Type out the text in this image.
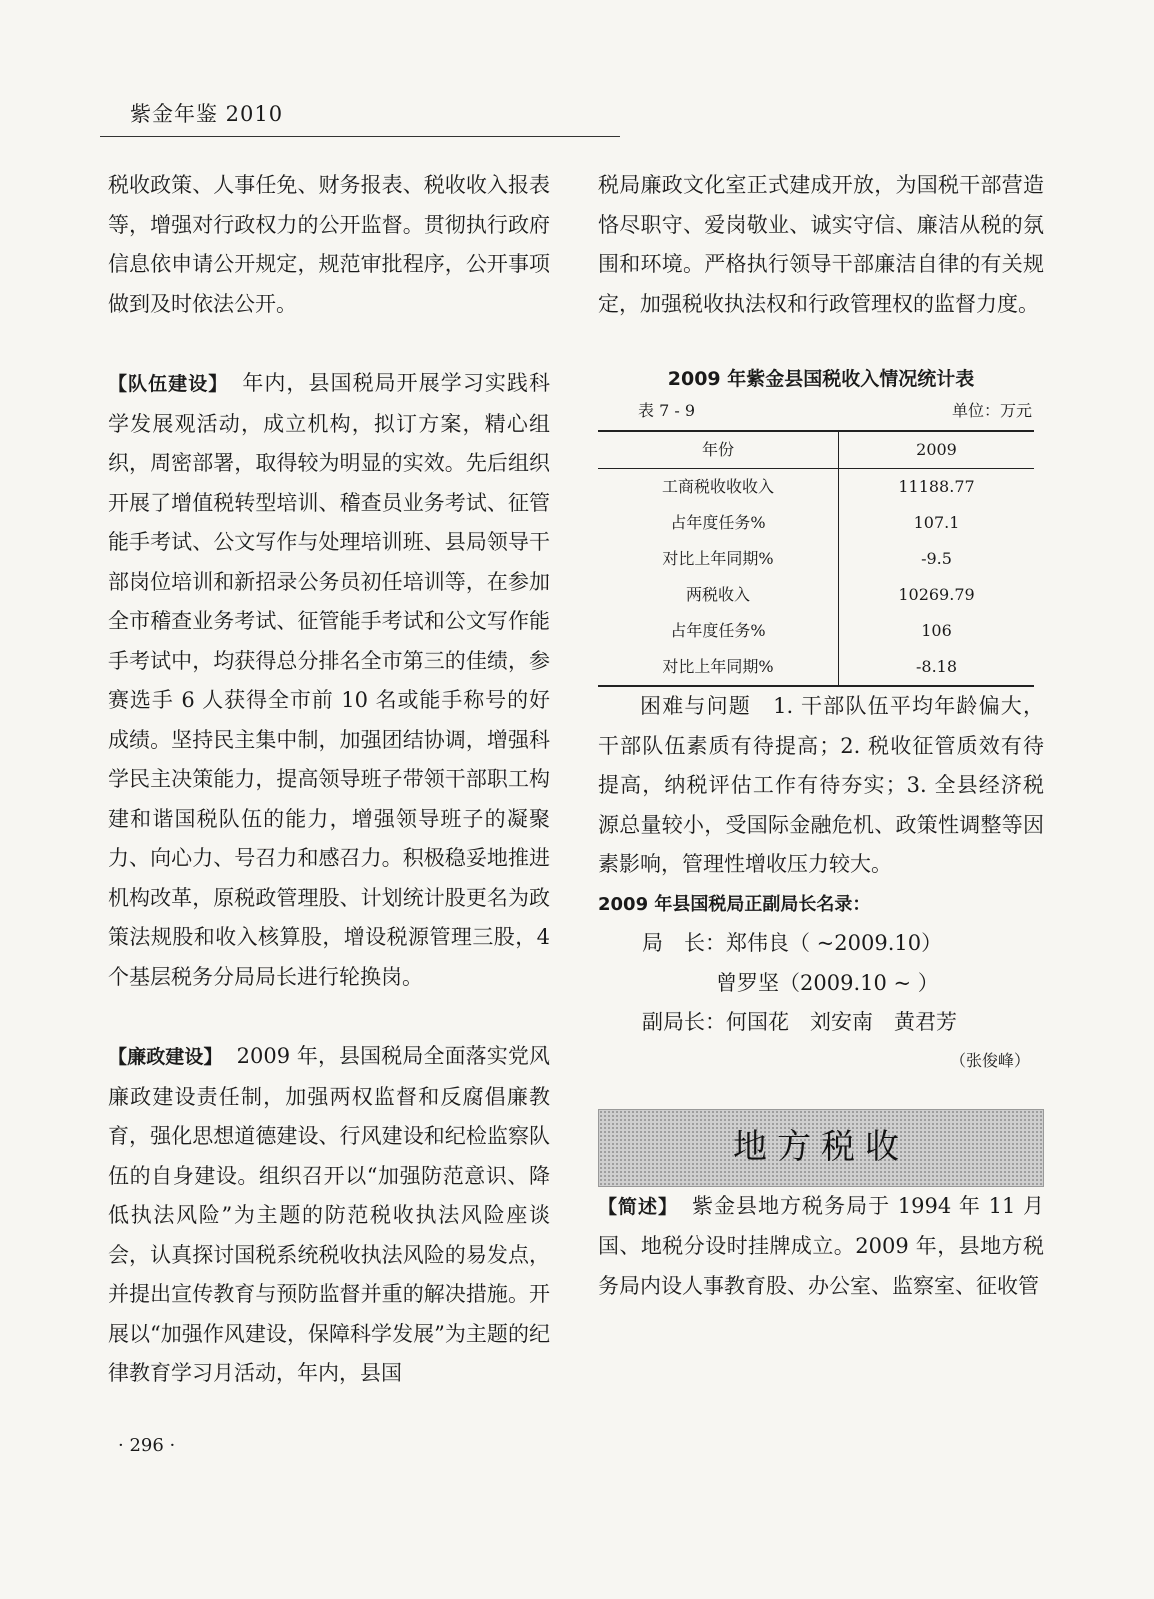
紫金年鉴 2010

税收政策、人事任免、财务报表、税收收入报表等，增强对行政权力的公开监督。贯彻执行政府信息依申请公开规定，规范审批程序，公开事项做到及时依法公开。

【队伍建设】 年内，县国税局开展学习实践科学发展观活动，成立机构，拟订方案，精心组织，周密部署，取得较为明显的实效。先后组织开展了增值税转型培训、稽查员业务考试、征管能手考试、公文写作与处理培训班、县局领导干部岗位培训和新招录公务员初任培训等，在参加全市稽查业务考试、征管能手考试和公文写作能手考试中，均获得总分排名全市第三的佳绩，参赛选手 6 人获得全市前 10 名或能手称号的好成绩。坚持民主集中制，加强团结协调，增强科学民主决策能力，提高领导班子带领干部职工构建和谐国税队伍的能力，增强领导班子的凝聚力、向心力、号召力和感召力。积极稳妥地推进机构改革，原税政管理股、计划统计股更名为政策法规股和收入核算股，增设税源管理三股，4 个基层税务分局局长进行轮换岗。

【廉政建设】 2009 年，县国税局全面落实党风廉政建设责任制，加强两权监督和反腐倡廉教育，强化思想道德建设、行风建设和纪检监察队伍的自身建设。组织召开以“加强防范意识、降低执法风险”为主题的防范税收执法风险座谈会，认真探讨国税系统税收执法风险的易发点，并提出宣传教育与预防监督并重的解决措施。开展以“加强作风建设，保障科学发展”为主题的纪律教育学习月活动，年内，县国

税局廉政文化室正式建成开放，为国税干部营造恪尽职守、爱岗敬业、诚实守信、廉洁从税的氛围和环境。严格执行领导干部廉洁自律的有关规定，加强税收执法权和行政管理权的监督力度。

2009 年紫金县国税收入情况统计表
表 7 - 9	单位：万元
年份	2009
工商税收收收入	11188.77
占年度任务%	107.1
对比上年同期%	-9.5
两税收入	10269.79
占年度任务%	106
对比上年同期%	-8.18

困难与问题　1. 干部队伍平均年龄偏大，干部队伍素质有待提高；2. 税收征管质效有待提高，纳税评估工作有待夯实；3. 全县经济税源总量较小，受国际金融危机、政策性调整等因素影响，管理性增收压力较大。

2009 年县国税局正副局长名录：
局　长：郑伟良（ ~2009.10）
曾罗坚（2009.10 ~ ）
副局长：何国花　刘安南　黄君芳
（张俊峰）
地方税收

【简述】 紫金县地方税务局于 1994 年 11 月国、地税分设时挂牌成立。2009 年，县地方税务局内设人事教育股、办公室、监察室、征收管

· 296 ·
